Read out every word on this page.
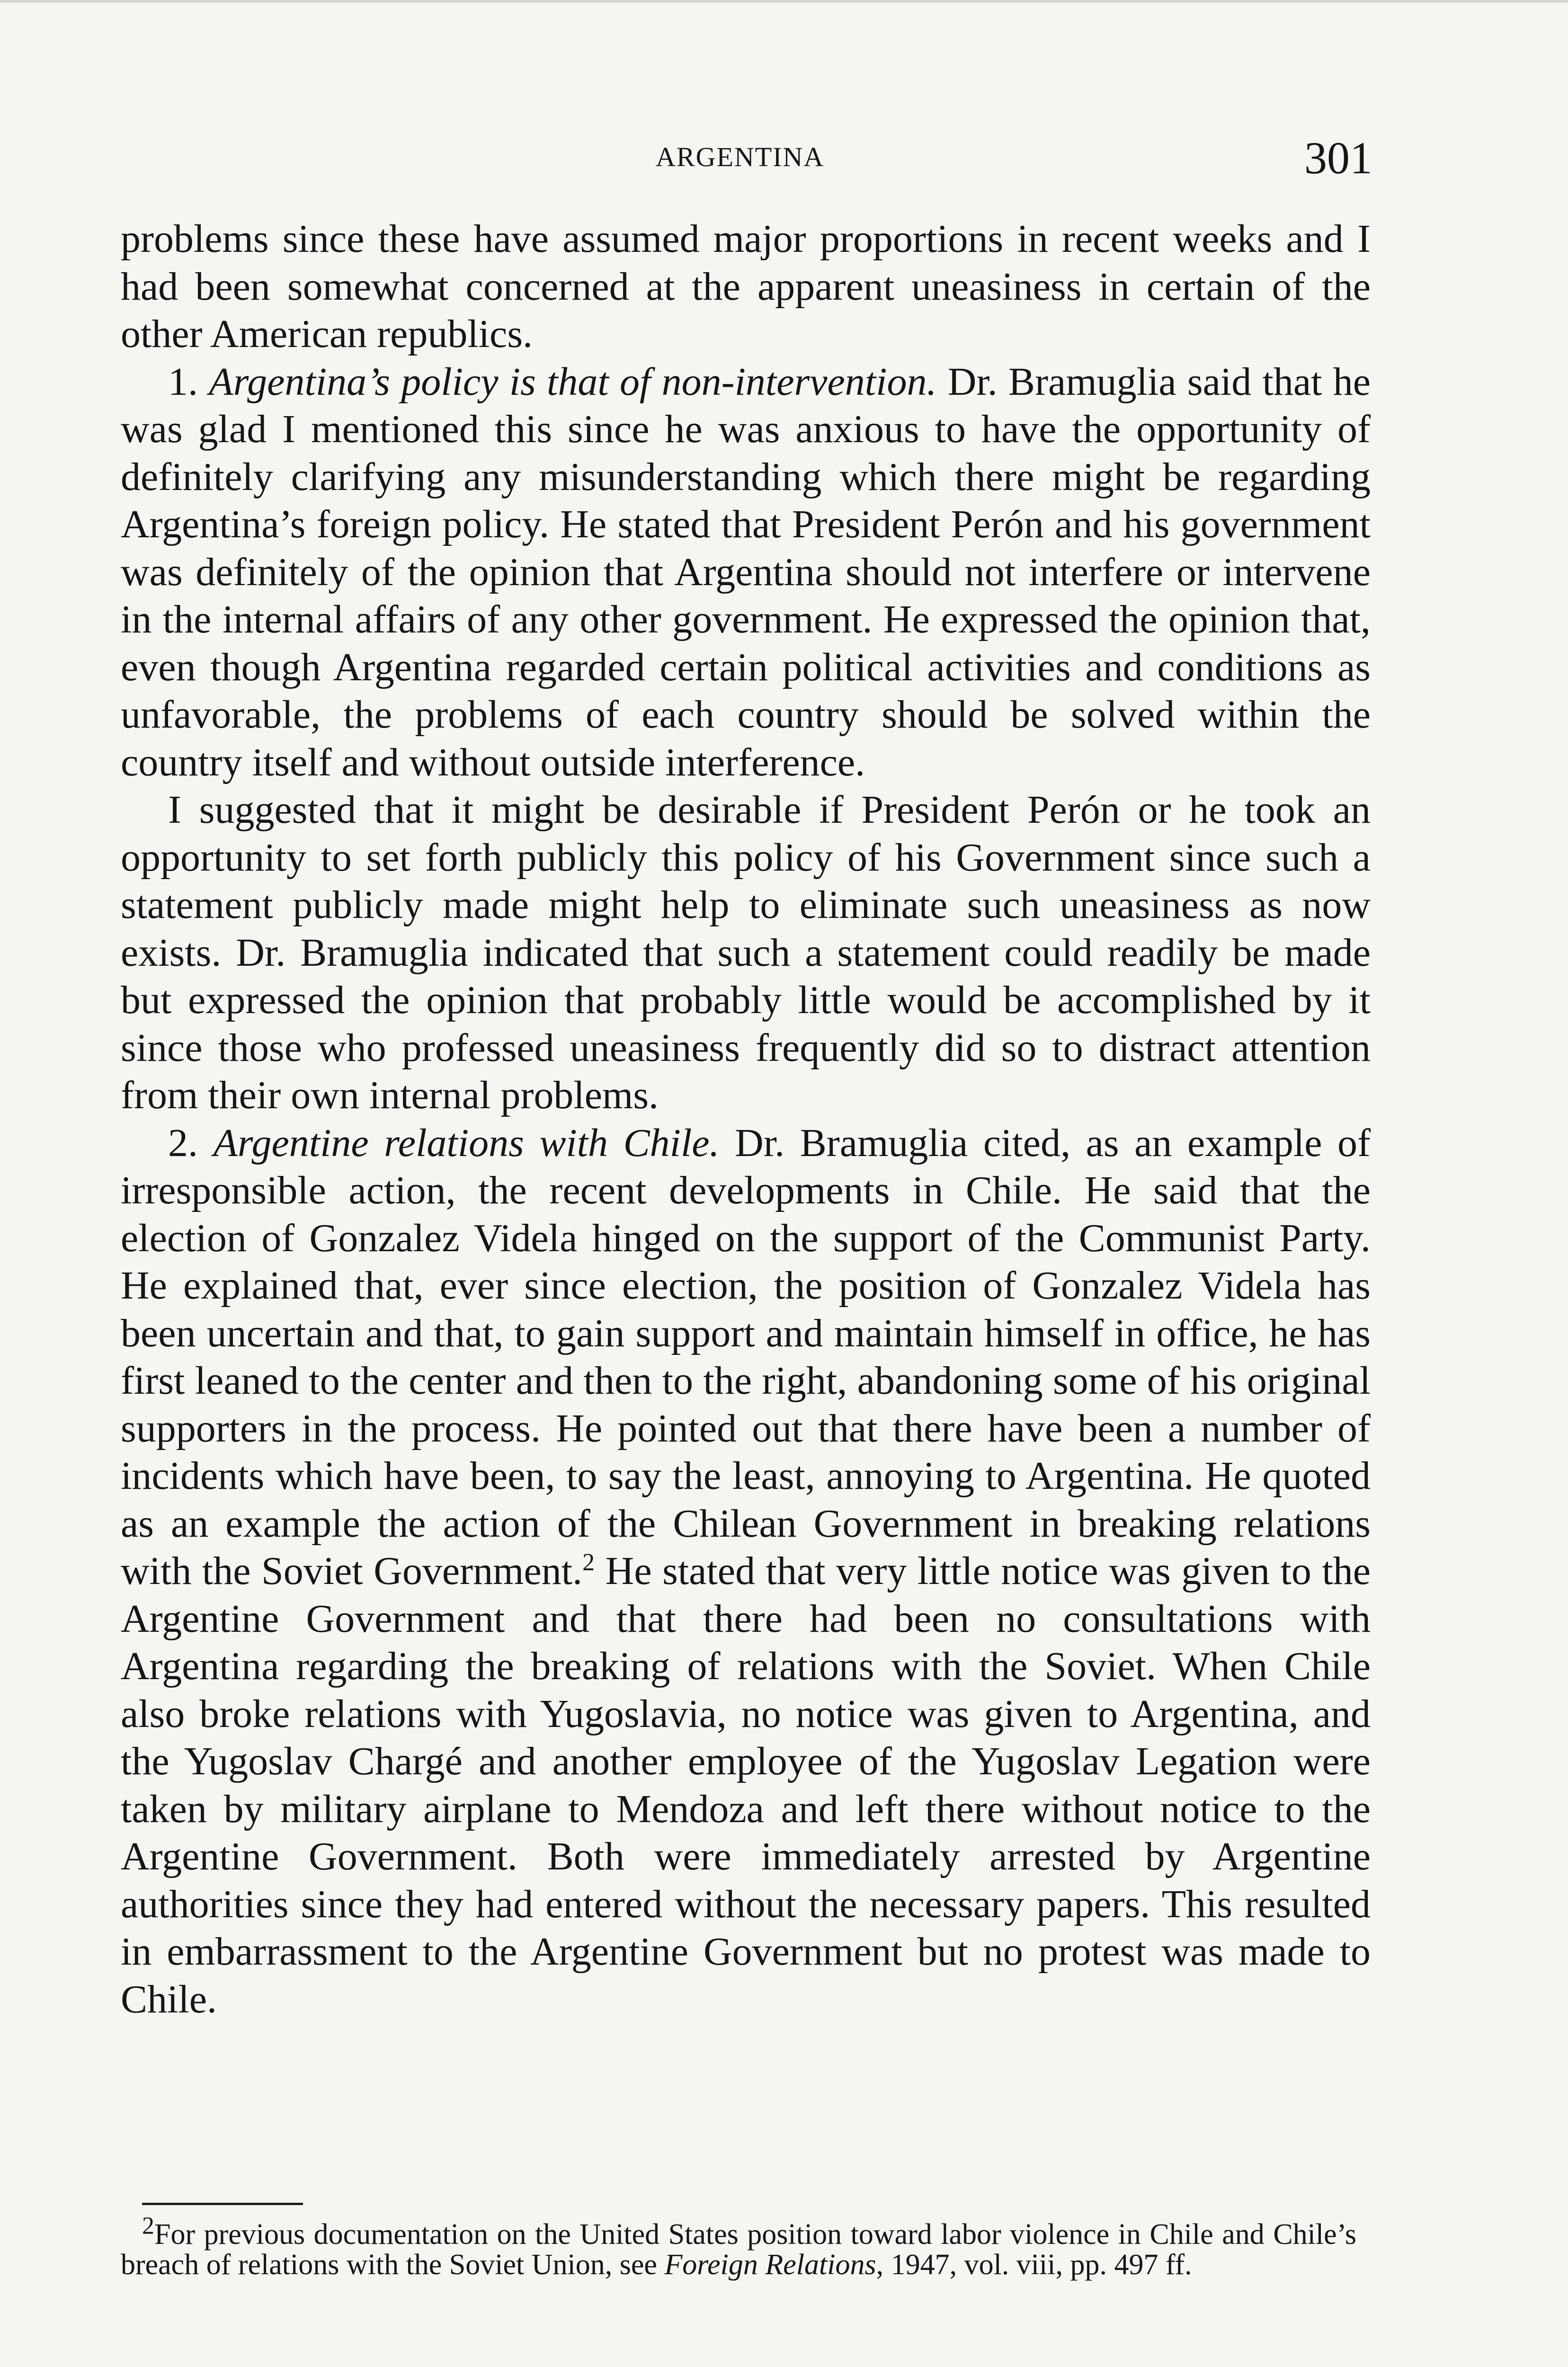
ARGENTINA	301

problems since these have assumed major proportions in recent weeks and I had been somewhat concerned at the apparent uneasiness in certain of the other American republics.

1. Argentina’s policy is that of non-intervention. Dr. Bramuglia said that he was glad I mentioned this since he was anxious to have the opportunity of definitely clarifying any misunderstanding which there might be regarding Argentina’s foreign policy. He stated that President Perón and his government was definitely of the opinion that Argentina should not interfere or intervene in the internal affairs of any other government. He expressed the opinion that, even though Argentina regarded certain political activities and conditions as unfavorable, the problems of each country should be solved within the country itself and without outside interference.

I suggested that it might be desirable if President Perón or he took an opportunity to set forth publicly this policy of his Government since such a statement publicly made might help to eliminate such uneasiness as now exists. Dr. Bramuglia indicated that such a statement could readily be made but expressed the opinion that probably little would be accomplished by it since those who professed uneasiness frequently did so to distract attention from their own internal problems.

2. Argentine relations with Chile. Dr. Bramuglia cited, as an example of irresponsible action, the recent developments in Chile. He said that the election of Gonzalez Videla hinged on the support of the Communist Party. He explained that, ever since election, the position of Gonzalez Videla has been uncertain and that, to gain support and maintain himself in office, he has first leaned to the center and then to the right, abandoning some of his original supporters in the process. He pointed out that there have been a number of incidents which have been, to say the least, annoying to Argentina. He quoted as an example the action of the Chilean Government in breaking relations with the Soviet Government.$^2$ He stated that very little notice was given to the Argentine Government and that there had been no consultations with Argentina regarding the breaking of relations with the Soviet. When Chile also broke relations with Yugoslavia, no notice was given to Argentina, and the Yugoslav Chargé and another employee of the Yugoslav Legation were taken by military airplane to Mendoza and left there without notice to the Argentine Government. Both were immediately arrested by Argentine authorities since they had entered without the necessary papers. This resulted in embarrassment to the Argentine Government but no protest was made to Chile.

$^2$For previous documentation on the United States position toward labor violence in Chile and Chile’s breach of relations with the Soviet Union, see Foreign Relations, 1947, vol. viii, pp. 497 ff.
